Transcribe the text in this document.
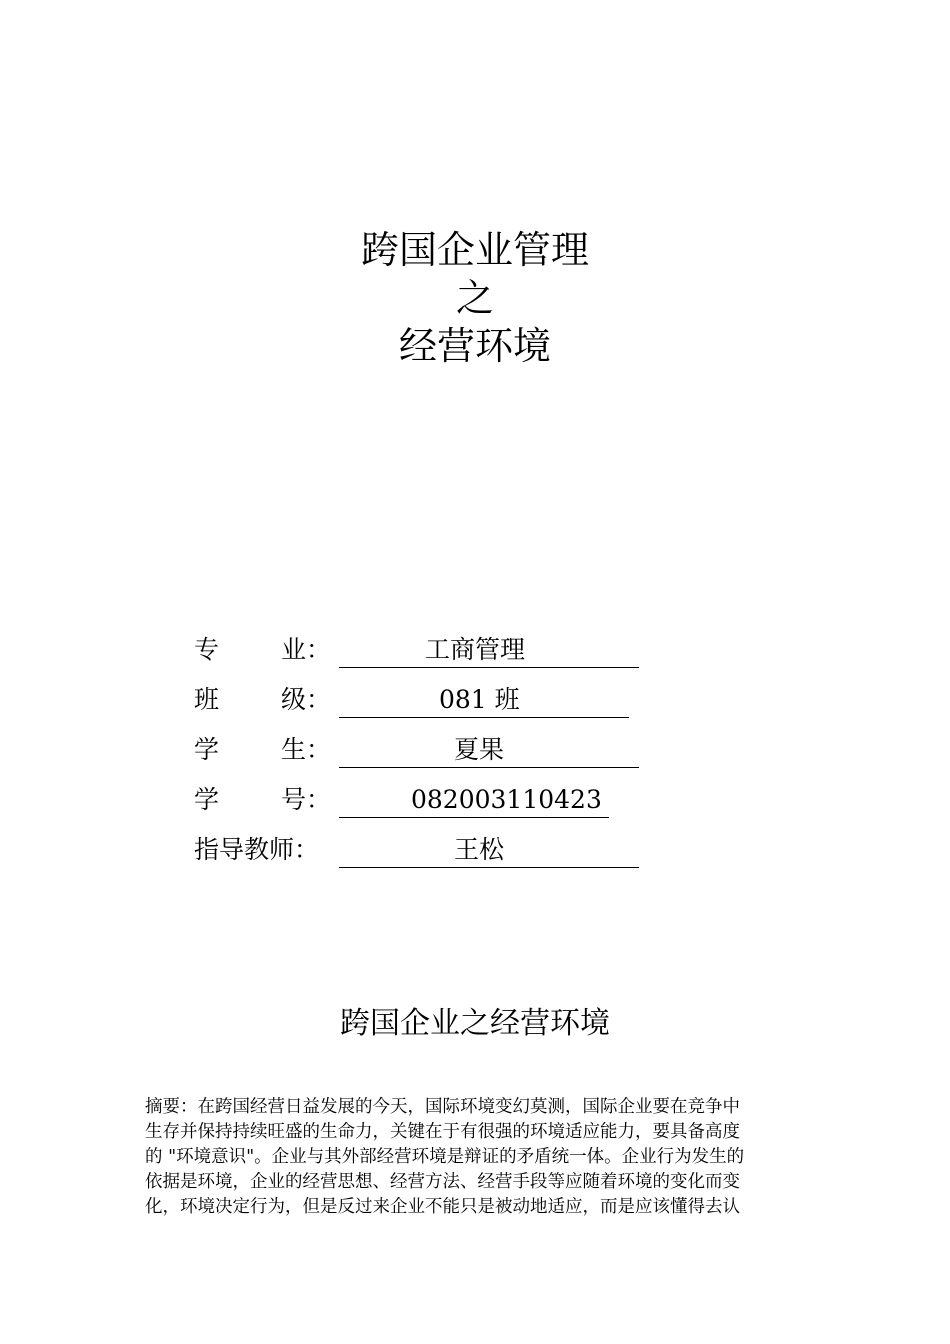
跨国企业管理
之
经营环境
专 业：	工商管理
班 级：	081 班
学 生：	夏果
学 号：	082003110423
指导教师：	王松
跨国企业之经营环境
摘要：在跨国经营日益发展的今天，国际环境变幻莫测，国际企业要在竞争中
生存并保持持续旺盛的生命力，关键在于有很强的环境适应能力，要具备高度
的 "环境意识"。企业与其外部经营环境是辩证的矛盾统一体。企业行为发生的
依据是环境，企业的经营思想、经营方法、经营手段等应随着环境的变化而变
化，环境决定行为，但是反过来企业不能只是被动地适应，而是应该懂得去认
